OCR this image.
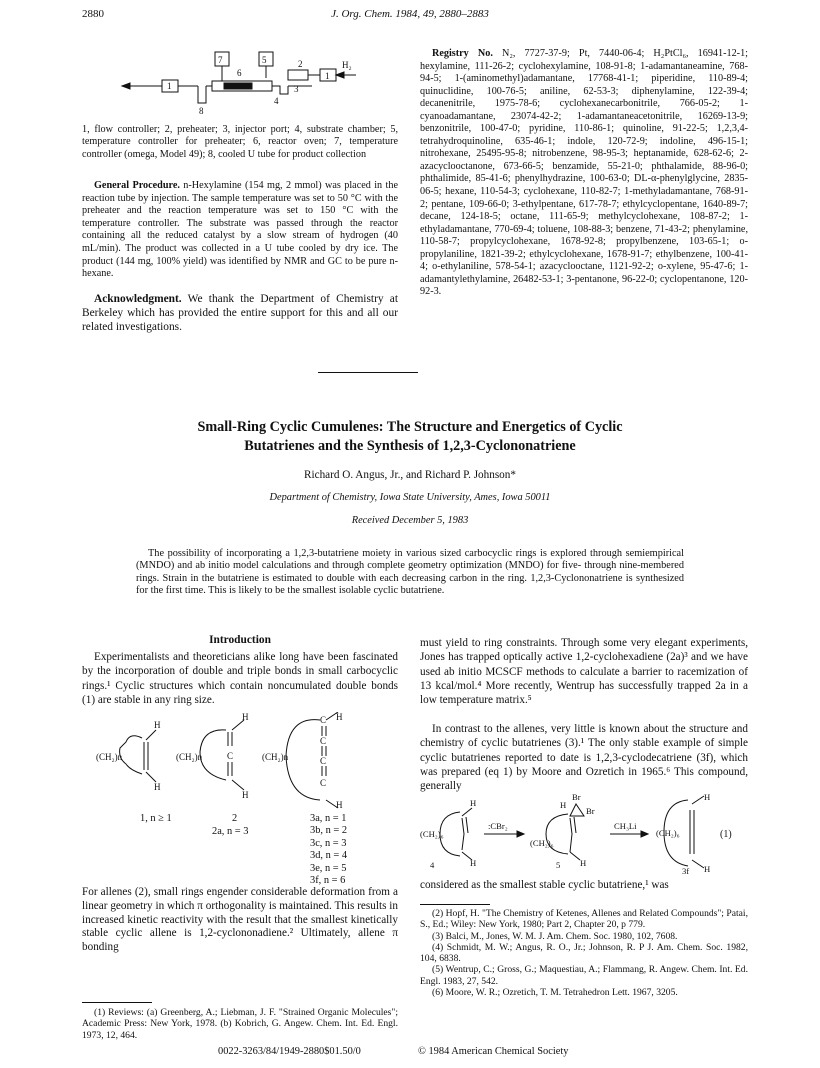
2880	J. Org. Chem. 1984, 49, 2880–2883
7	5
6
2
1
3
4
8
1
H₂
1, flow controller; 2, preheater; 3, injector port; 4, substrate chamber; 5, temperature controller for preheater; 6, reactor oven; 7, temperature controller (omega, Model 49); 8, cooled U tube for product collection

General Procedure. n-Hexylamine (154 mg, 2 mmol) was placed in the reaction tube by injection. The sample temperature was set to 50 °C with the preheater and the reaction temperature was set to 150 °C with the temperature controller. The substrate was passed through the reactor containing all the reduced catalyst by a slow stream of hydrogen (40 mL/min). The product was collected in a U tube cooled by dry ice. The product (144 mg, 100% yield) was identified by NMR and GC to be pure n-hexane.

Acknowledgment. We thank the Department of Chemistry at Berkeley which has provided the entire support for this and all our related investigations.

Registry No. N₂, 7727-37-9; Pt, 7440-06-4; H₂PtCl₆, 16941-12-1; hexylamine, 111-26-2; cyclohexylamine, 108-91-8; 1-adamantaneamine, 768-94-5; 1-(aminomethyl)adamantane, 17768-41-1; piperidine, 110-89-4; quinuclidine, 100-76-5; aniline, 62-53-3; diphenylamine, 122-39-4; decanenitrile, 1975-78-6; cyclohexanecarbonitrile, 766-05-2; 1-cyanoadamantane, 23074-42-2; 1-adamantaneacetonitrile, 16269-13-9; benzonitrile, 100-47-0; pyridine, 110-86-1; quinoline, 91-22-5; 1,2,3,4-tetrahydroquinoline, 635-46-1; indole, 120-72-9; indoline, 496-15-1; nitrohexane, 25495-95-8; nitrobenzene, 98-95-3; heptanamide, 628-62-6; 2-azacyclooctanone, 673-66-5; benzamide, 55-21-0; phthalamide, 88-96-0; phthalimide, 85-41-6; phenylhydrazine, 100-63-0; DL-α-phenylglycine, 2835-06-5; hexane, 110-54-3; cyclohexane, 110-82-7; 1-methyladamantane, 768-91-2; pentane, 109-66-0; 3-ethylpentane, 617-78-7; ethylcyclopentane, 1640-89-7; decane, 124-18-5; octane, 111-65-9; methylcyclohexane, 108-87-2; 1-ethyladamantane, 770-69-4; toluene, 108-88-3; benzene, 71-43-2; phenylamine, 110-58-7; propylcyclohexane, 1678-92-8; propylbenzene, 103-65-1; o-propylaniline, 1821-39-2; ethylcyclohexane, 1678-91-7; ethylbenzene, 100-41-4; o-ethylaniline, 578-54-1; azacyclooctane, 1121-92-2; o-xylene, 95-47-6; 1-adamantylethylamine, 26482-53-1; 3-pentanone, 96-22-0; cyclopentanone, 120-92-3.

Small-Ring Cyclic Cumulenes: The Structure and Energetics of Cyclic
Butatrienes and the Synthesis of 1,2,3-Cyclononatriene
Richard O. Angus, Jr., and Richard P. Johnson*
Department of Chemistry, Iowa State University, Ames, Iowa 50011
Received December 5, 1983

The possibility of incorporating a 1,2,3-butatriene moiety in various sized carbocyclic rings is explored through semiempirical (MNDO) and ab initio model calculations and through complete geometry optimization (MNDO) for five- through nine-membered rings. Strain in the butatriene is estimated to double with each decreasing carbon in the ring. 1,2,3-Cyclononatriene is synthesized for the first time. This is likely to be the smallest isolable cyclic butatriene.

Introduction

Experimentalists and theoreticians alike long have been fascinated by the incorporation of double and triple bonds in small carbocyclic rings.¹ Cyclic structures which contain noncumulated double bonds (1) are stable in any ring size.

H
H
H
H
H
H
C
C
C
C
C
(CH₂)n	(CH₂)n	(CH₂)n
1, n ≥ 1	2
2a, n = 3
3a, n = 1
3b, n = 2
3c, n = 3
3d, n = 4
3e, n = 5
3f, n = 6

For allenes (2), small rings engender considerable deformation from a linear geometry in which π orthogonality is maintained. This results in increased kinetic reactivity with the result that the smallest kinetically stable cyclic allene is 1,2-cyclononadiene.² Ultimately, allene π bonding

(1) Reviews: (a) Greenberg, A.; Liebman, J. F. "Strained Organic Molecules"; Academic Press: New York, 1978. (b) Kobrich, G. Angew. Chem. Int. Ed. Engl. 1973, 12, 464.

must yield to ring constraints. Through some very elegant experiments, Jones has trapped optically active 1,2-cyclohexadiene (2a)³ and we have used ab initio MCSCF methods to calculate a barrier to racemization of 13 kcal/mol.⁴ More recently, Wentrup has successfully trapped 2a in a low temperature matrix.⁵

In contrast to the allenes, very little is known about the structure and chemistry of cyclic butatrienes (3).¹ The only stable example of simple cyclic butatrienes reported to date is 1,2,3-cyclodecatriene (3f), which was prepared (eq 1) by Moore and Ozretich in 1965.⁶ This compound, generally

:CBr₂	CH₃Li
(1)
4	5
3f
H
H
H
H
H
H
Br
Br
(CH₂)₆
(CH₂)₆
(CH₂)₆

considered as the smallest stable cyclic butatriene,¹ was

(2) Hopf, H. "The Chemistry of Ketenes, Allenes and Related Compounds"; Patai, S., Ed.; Wiley: New York, 1980; Part 2, Chapter 20, p 779.

(3) Balci, M., Jones, W. M. J. Am. Chem. Soc. 1980, 102, 7608.

(4) Schmidt, M. W.; Angus, R. O., Jr.; Johnson, R. P J. Am. Chem. Soc. 1982, 104, 6838.

(5) Wentrup, C.; Gross, G.; Maquestiau, A.; Flammang, R. Angew. Chem. Int. Ed. Engl. 1983, 27, 542.

(6) Moore, W. R.; Ozretich, T. M. Tetrahedron Lett. 1967, 3205.

0022-3263/84/1949-2880$01.50/0	© 1984 American Chemical Society
